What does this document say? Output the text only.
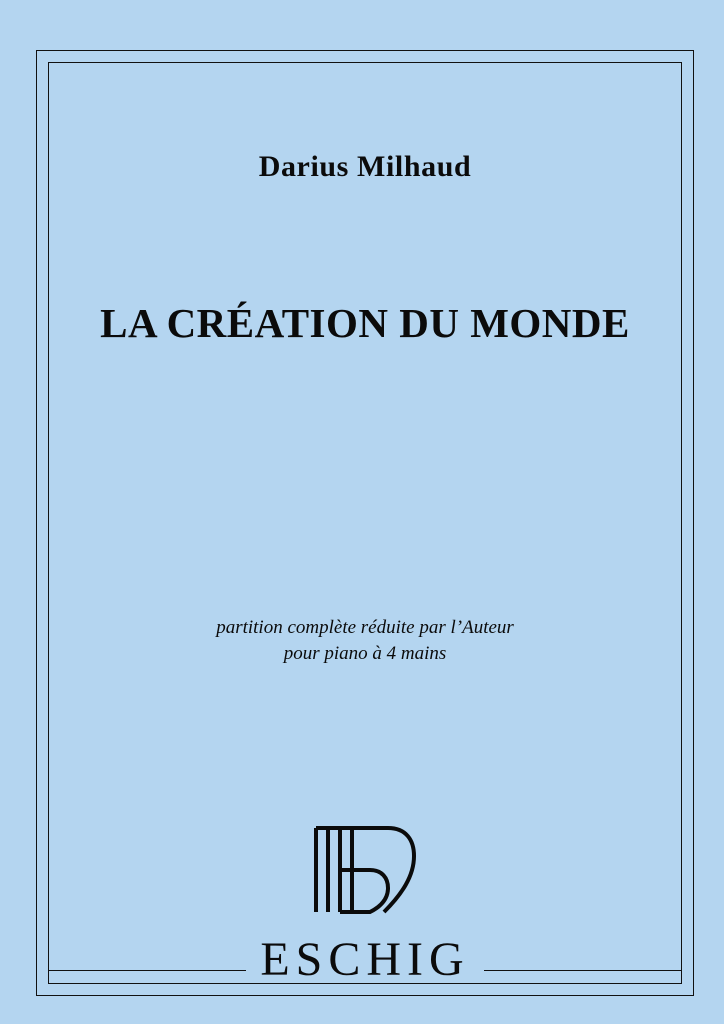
Darius Milhaud
LA CRÉATION DU MONDE
partition complète réduite par l’Auteur
pour piano à 4 mains
ESCHIG
